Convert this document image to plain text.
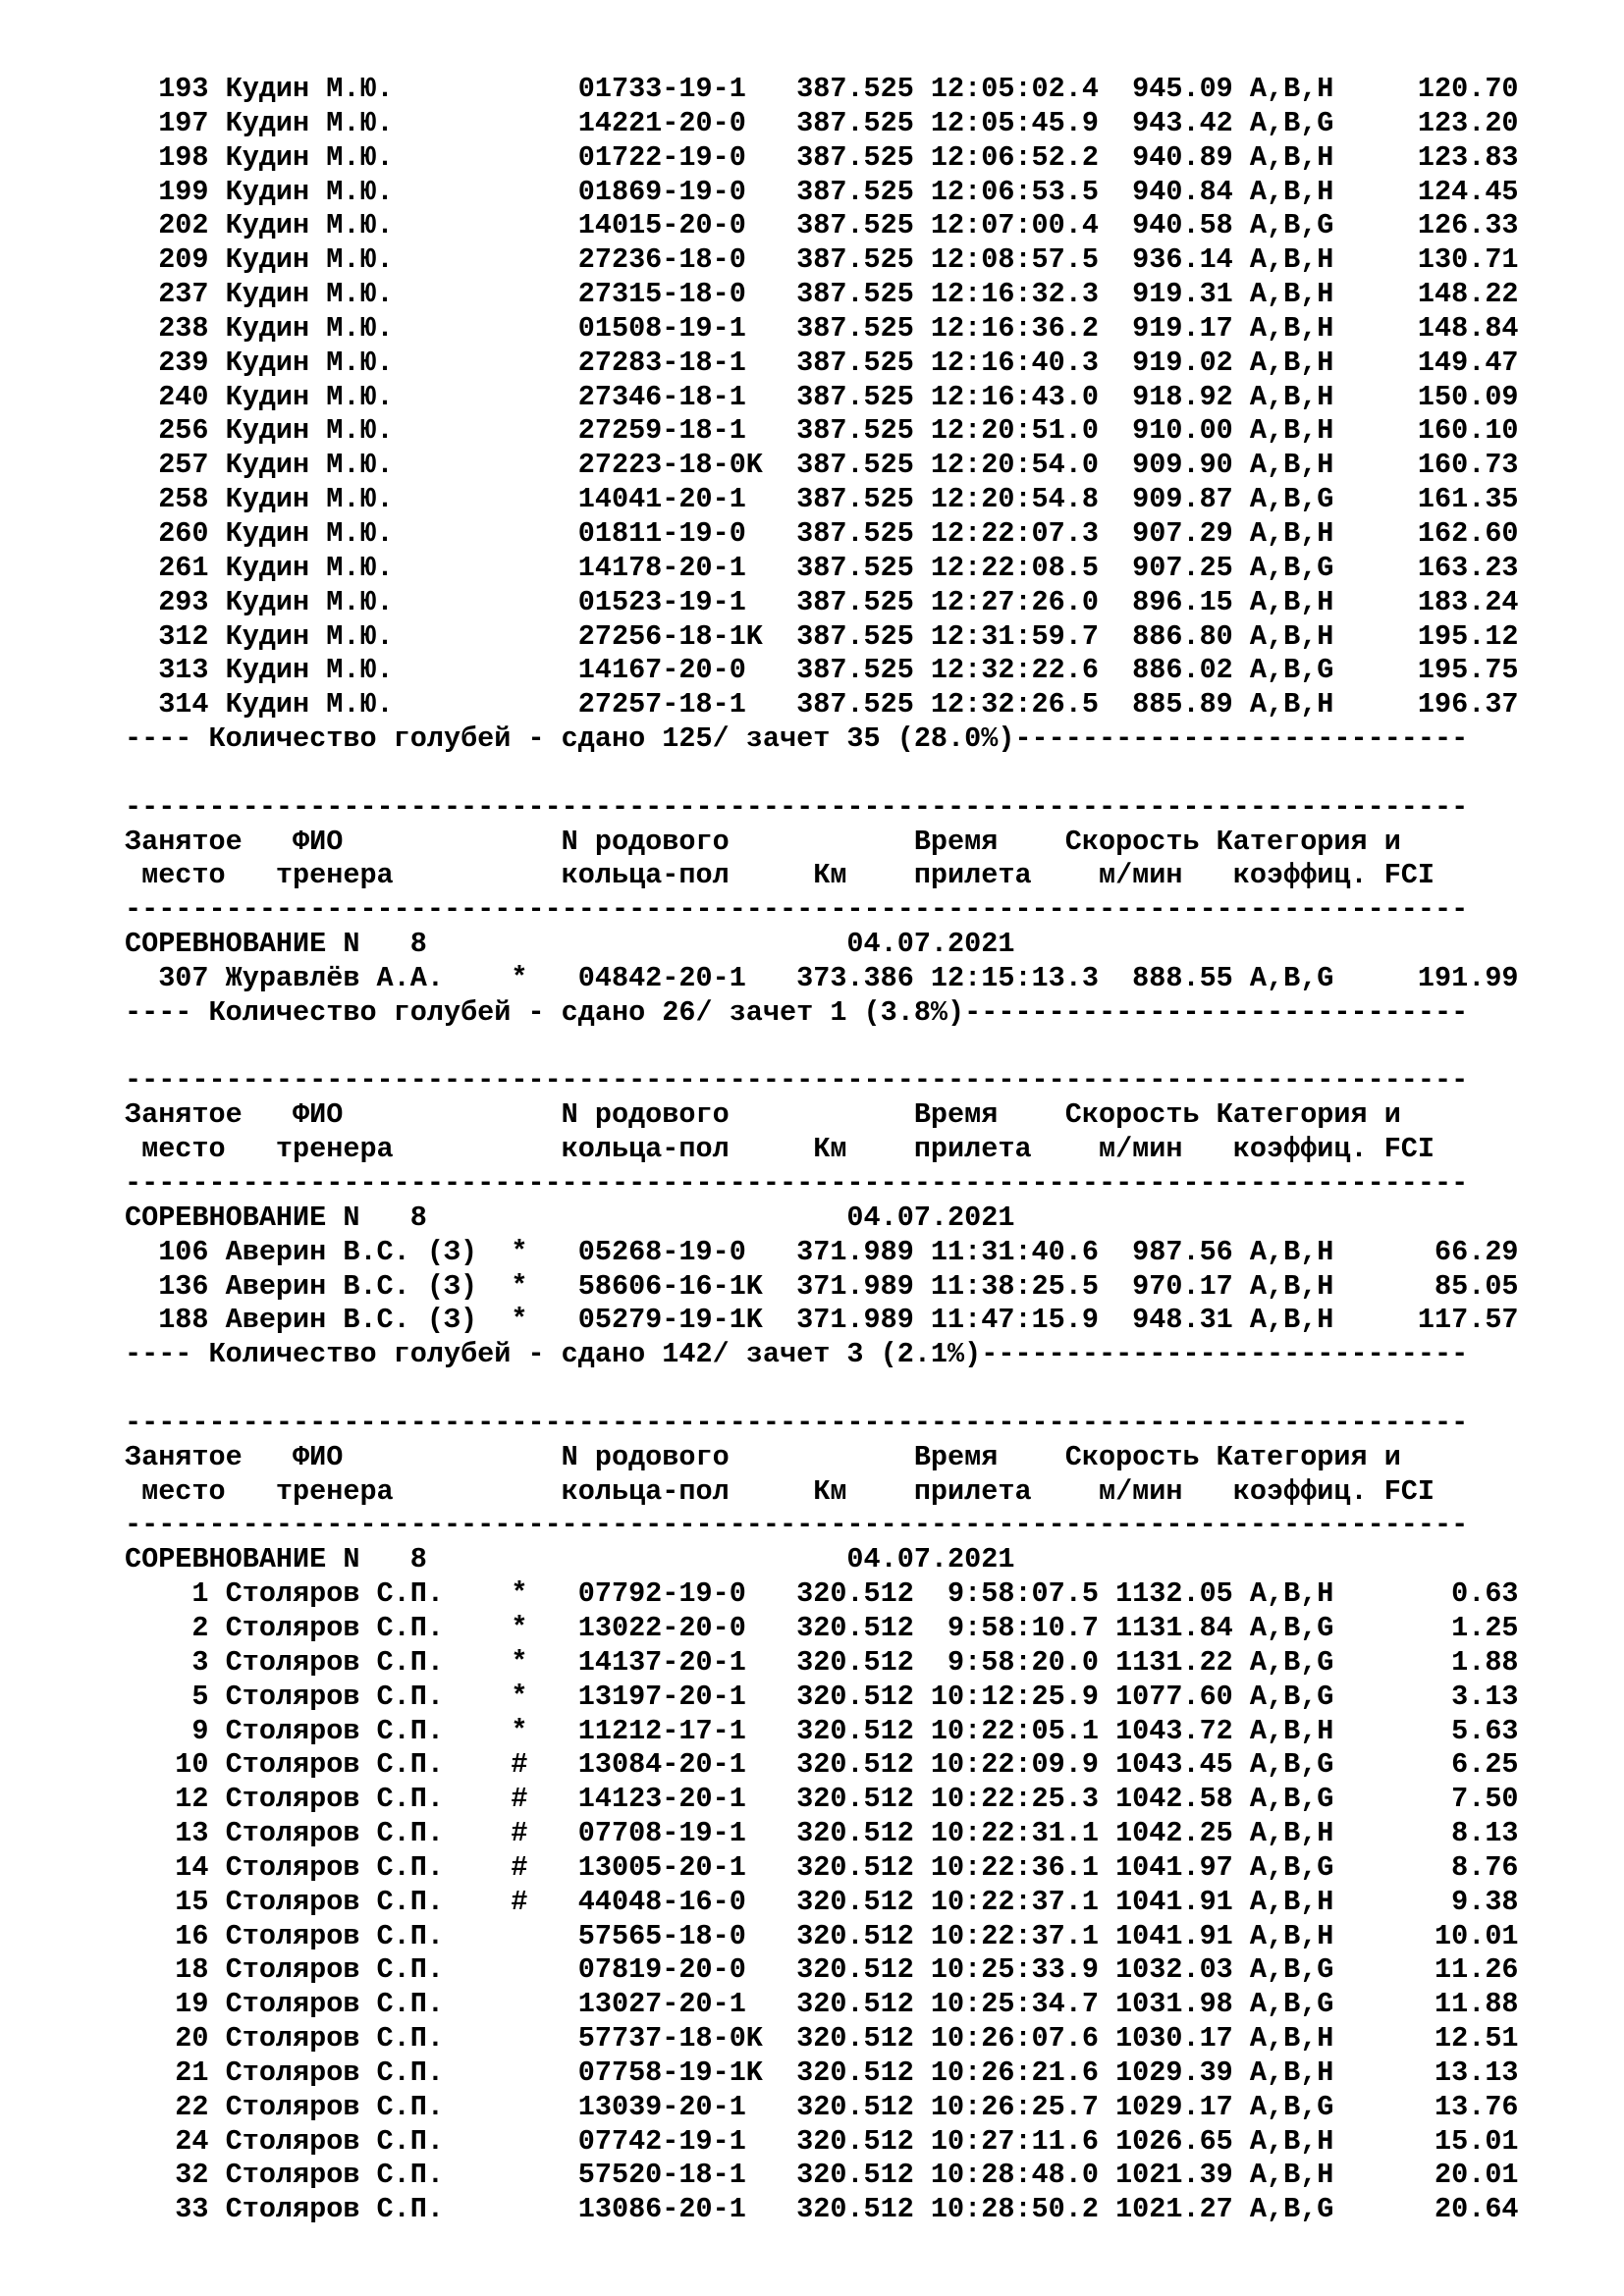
193 Кудин М.Ю.           01733-19-1   387.525 12:05:02.4  945.09 A,B,H     120.70
197 Кудин М.Ю.           14221-20-0   387.525 12:05:45.9  943.42 A,B,G     123.20
198 Кудин М.Ю.           01722-19-0   387.525 12:06:52.2  940.89 A,B,H     123.83
199 Кудин М.Ю.           01869-19-0   387.525 12:06:53.5  940.84 A,B,H     124.45
202 Кудин М.Ю.           14015-20-0   387.525 12:07:00.4  940.58 A,B,G     126.33
209 Кудин М.Ю.           27236-18-0   387.525 12:08:57.5  936.14 A,B,H     130.71
237 Кудин М.Ю.           27315-18-0   387.525 12:16:32.3  919.31 A,B,H     148.22
238 Кудин М.Ю.           01508-19-1   387.525 12:16:36.2  919.17 A,B,H     148.84
239 Кудин М.Ю.           27283-18-1   387.525 12:16:40.3  919.02 A,B,H     149.47
240 Кудин М.Ю.           27346-18-1   387.525 12:16:43.0  918.92 A,B,H     150.09
256 Кудин М.Ю.           27259-18-1   387.525 12:20:51.0  910.00 A,B,H     160.10
257 Кудин М.Ю.           27223-18-0K  387.525 12:20:54.0  909.90 A,B,H     160.73
258 Кудин М.Ю.           14041-20-1   387.525 12:20:54.8  909.87 A,B,G     161.35
260 Кудин М.Ю.           01811-19-0   387.525 12:22:07.3  907.29 A,B,H     162.60
261 Кудин М.Ю.           14178-20-1   387.525 12:22:08.5  907.25 A,B,G     163.23
293 Кудин М.Ю.           01523-19-1   387.525 12:27:26.0  896.15 A,B,H     183.24
312 Кудин М.Ю.           27256-18-1K  387.525 12:31:59.7  886.80 A,B,H     195.12
313 Кудин М.Ю.           14167-20-0   387.525 12:32:22.6  886.02 A,B,G     195.75
314 Кудин М.Ю.           27257-18-1   387.525 12:32:26.5  885.89 A,B,H     196.37
---- Количество голубей - сдано 125/ зачет 35 (28.0%)---------------------------
--------------------------------------------------------------------------------
Занятое   ФИО             N родового           Время    Скорость Категория и
место   тренера          кольца-пол     Км    прилета    м/мин   коэффиц. FCI
--------------------------------------------------------------------------------
СОРЕВНОВАНИЕ N   8                         04.07.2021
307 Журавлёв А.А.    *   04842-20-1   373.386 12:15:13.3  888.55 A,B,G     191.99
---- Количество голубей - сдано 26/ зачет 1 (3.8%)------------------------------
--------------------------------------------------------------------------------
Занятое   ФИО             N родового           Время    Скорость Категория и
место   тренера          кольца-пол     Км    прилета    м/мин   коэффиц. FCI
--------------------------------------------------------------------------------
СОРЕВНОВАНИЕ N   8                         04.07.2021
106 Аверин В.С. (З)  *   05268-19-0   371.989 11:31:40.6  987.56 A,B,H      66.29
136 Аверин В.С. (З)  *   58606-16-1K  371.989 11:38:25.5  970.17 A,B,H      85.05
188 Аверин В.С. (З)  *   05279-19-1K  371.989 11:47:15.9  948.31 A,B,H     117.57
---- Количество голубей - сдано 142/ зачет 3 (2.1%)-----------------------------
--------------------------------------------------------------------------------
Занятое   ФИО             N родового           Время    Скорость Категория и
место   тренера          кольца-пол     Км    прилета    м/мин   коэффиц. FCI
--------------------------------------------------------------------------------
СОРЕВНОВАНИЕ N   8                         04.07.2021
1 Столяров С.П.    *   07792-19-0   320.512  9:58:07.5 1132.05 A,B,H       0.63
2 Столяров С.П.    *   13022-20-0   320.512  9:58:10.7 1131.84 A,B,G       1.25
3 Столяров С.П.    *   14137-20-1   320.512  9:58:20.0 1131.22 A,B,G       1.88
5 Столяров С.П.    *   13197-20-1   320.512 10:12:25.9 1077.60 A,B,G       3.13
9 Столяров С.П.    *   11212-17-1   320.512 10:22:05.1 1043.72 A,B,H       5.63
10 Столяров С.П.    #   13084-20-1   320.512 10:22:09.9 1043.45 A,B,G       6.25
12 Столяров С.П.    #   14123-20-1   320.512 10:22:25.3 1042.58 A,B,G       7.50
13 Столяров С.П.    #   07708-19-1   320.512 10:22:31.1 1042.25 A,B,H       8.13
14 Столяров С.П.    #   13005-20-1   320.512 10:22:36.1 1041.97 A,B,G       8.76
15 Столяров С.П.    #   44048-16-0   320.512 10:22:37.1 1041.91 A,B,H       9.38
16 Столяров С.П.        57565-18-0   320.512 10:22:37.1 1041.91 A,B,H      10.01
18 Столяров С.П.        07819-20-0   320.512 10:25:33.9 1032.03 A,B,G      11.26
19 Столяров С.П.        13027-20-1   320.512 10:25:34.7 1031.98 A,B,G      11.88
20 Столяров С.П.        57737-18-0K  320.512 10:26:07.6 1030.17 A,B,H      12.51
21 Столяров С.П.        07758-19-1K  320.512 10:26:21.6 1029.39 A,B,H      13.13
22 Столяров С.П.        13039-20-1   320.512 10:26:25.7 1029.17 A,B,G      13.76
24 Столяров С.П.        07742-19-1   320.512 10:27:11.6 1026.65 A,B,H      15.01
32 Столяров С.П.        57520-18-1   320.512 10:28:48.0 1021.39 A,B,H      20.01
33 Столяров С.П.        13086-20-1   320.512 10:28:50.2 1021.27 A,B,G      20.64
